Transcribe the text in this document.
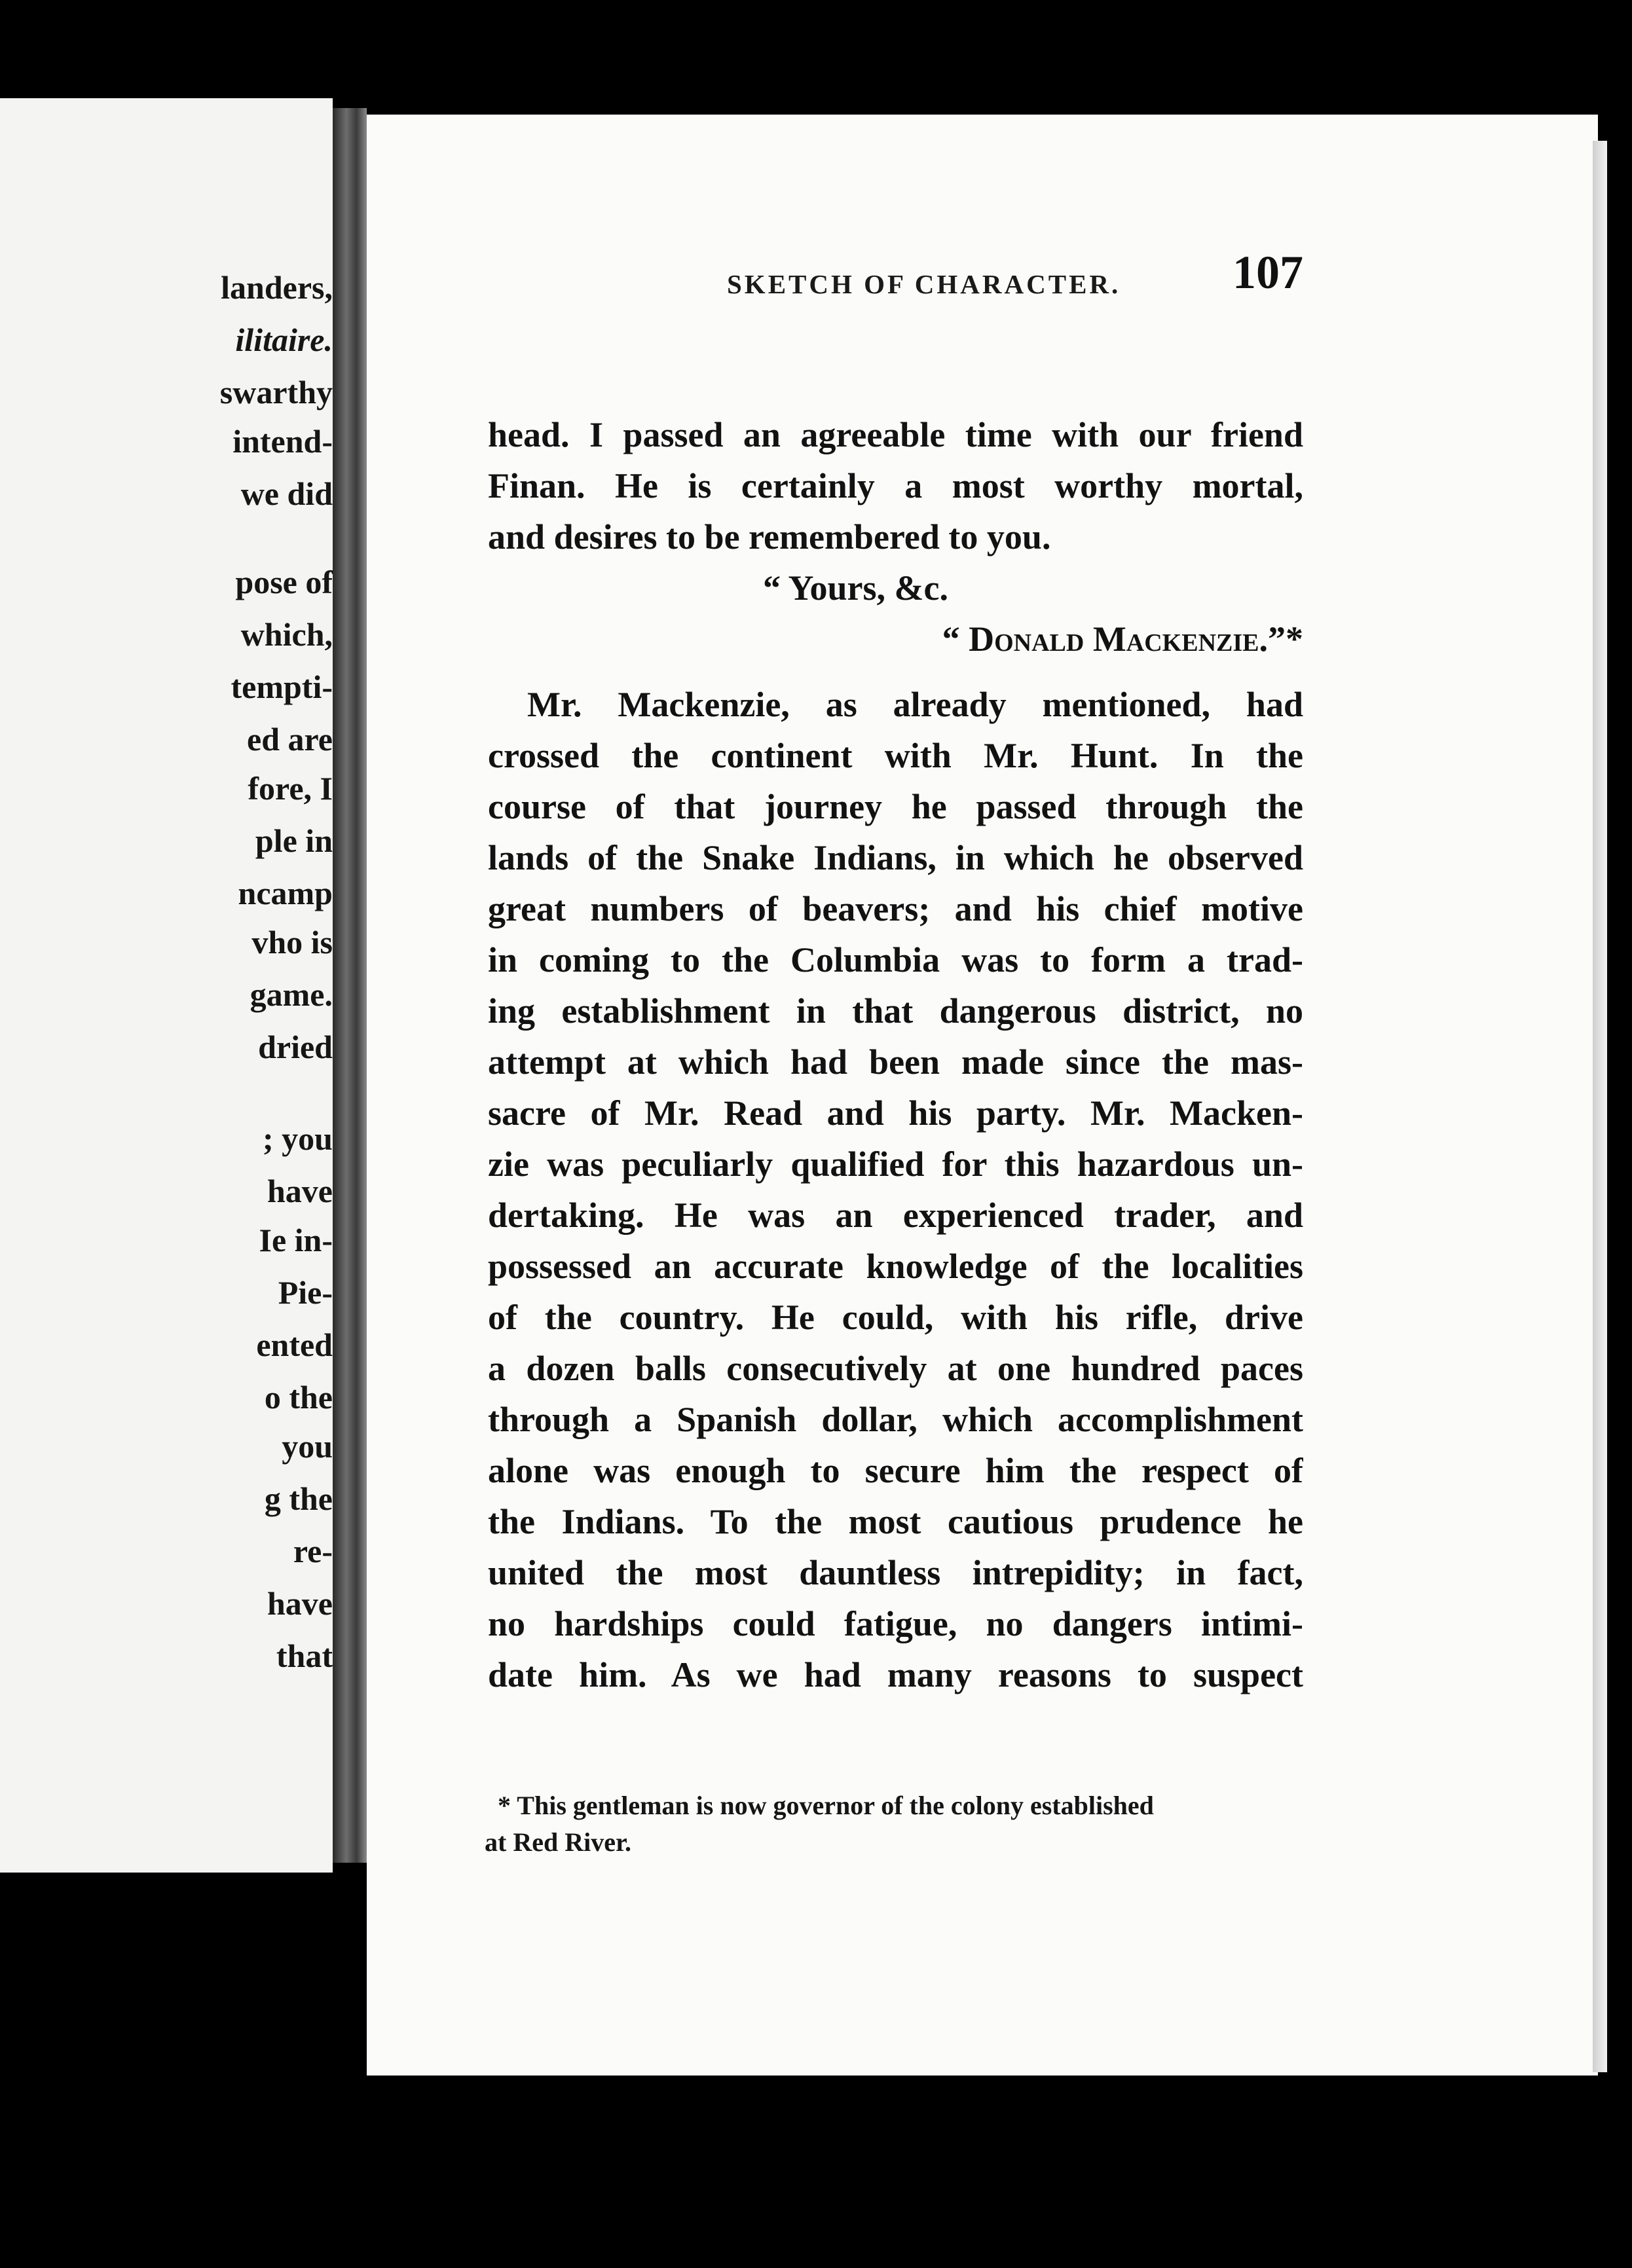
landers,
ilitaire.
swarthy
intend-
we did
pose of
which,
tempti-
ed are
fore, I
ple in
ncamp
vho is
game.
dried
; you
have
Ie in-
Pie-
ented
o the
you
g the
re-
have
that
SKETCH OF CHARACTER. 107
head. I passed an agreeable time with our friend
Finan. He is certainly a most worthy mortal,
and desires to be remembered to you.
“ Yours, &c.
“ Donald Mackenzie.”*
Mr. Mackenzie, as already mentioned, had
crossed the continent with Mr. Hunt. In the
course of that journey he passed through the
lands of the Snake Indians, in which he observed
great numbers of beavers; and his chief motive
in coming to the Columbia was to form a trad-
ing establishment in that dangerous district, no
attempt at which had been made since the mas-
sacre of Mr. Read and his party. Mr. Macken-
zie was peculiarly qualified for this hazardous un-
dertaking. He was an experienced trader, and
possessed an accurate knowledge of the localities
of the country. He could, with his rifle, drive
a dozen balls consecutively at one hundred paces
through a Spanish dollar, which accomplishment
alone was enough to secure him the respect of
the Indians. To the most cautious prudence he
united the most dauntless intrepidity; in fact,
no hardships could fatigue, no dangers intimi-
date him. As we had many reasons to suspect
* This gentleman is now governor of the colony established
at Red River.
